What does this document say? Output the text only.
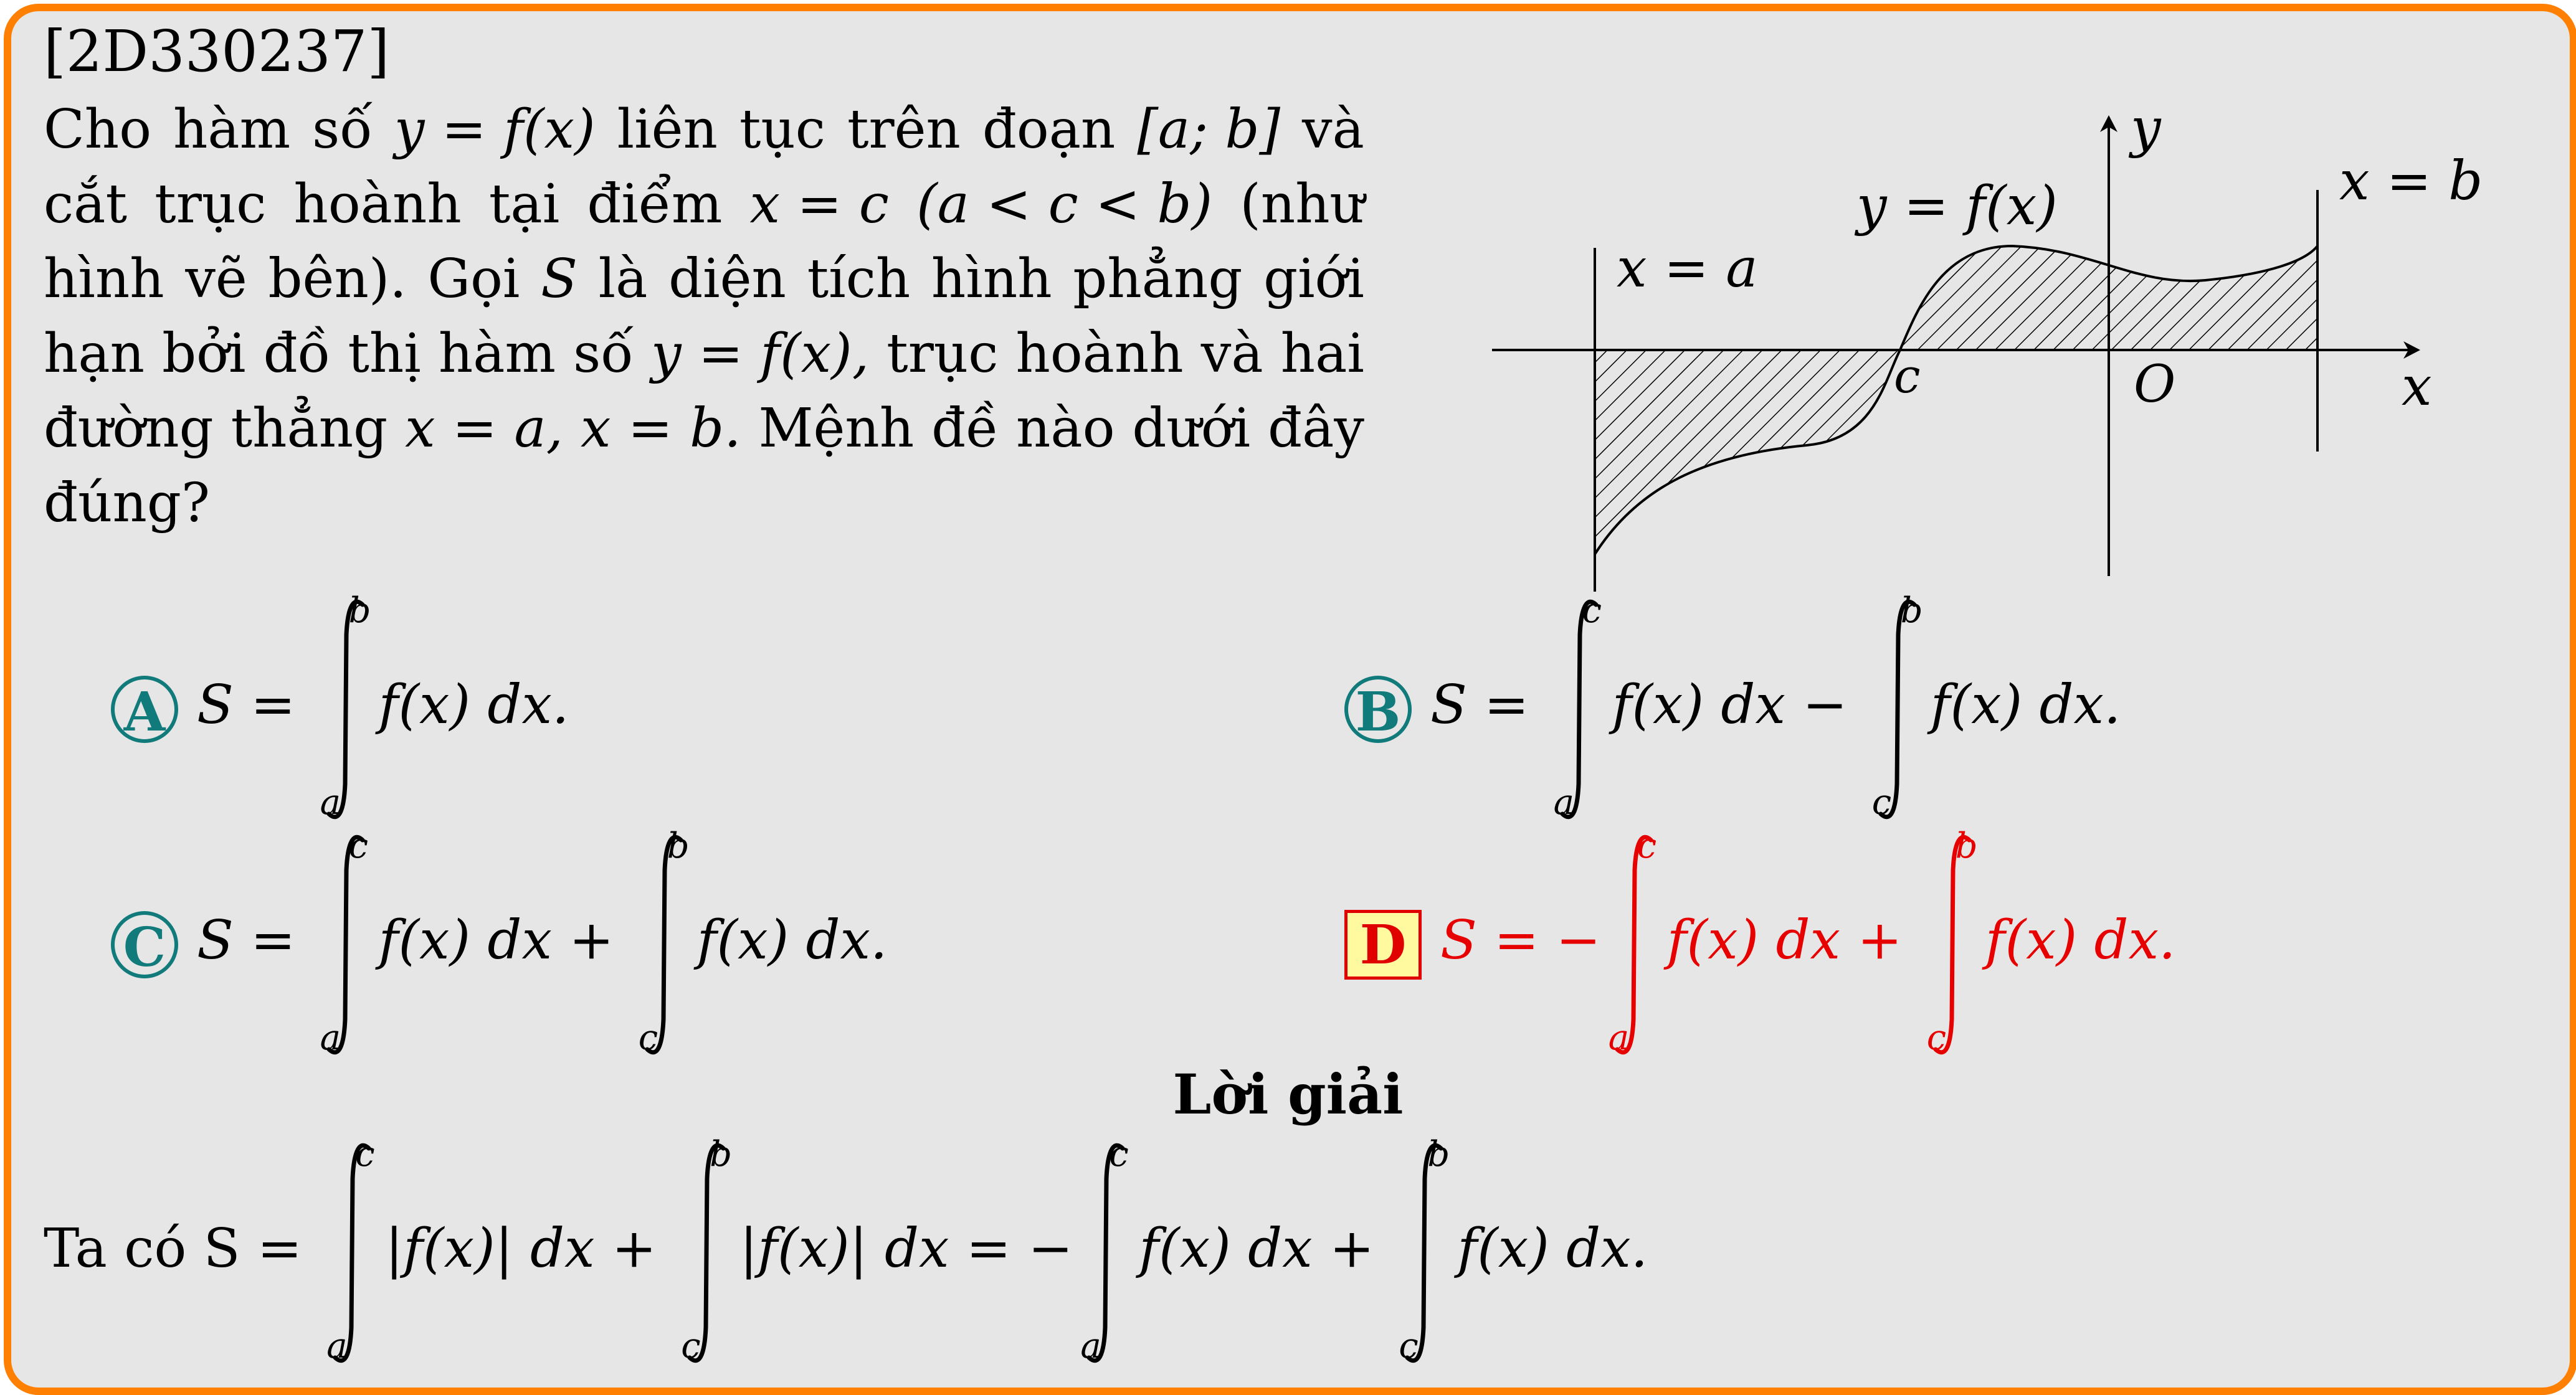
[2D330237]
Cho hàm số y = f(x) liên tục trên đoạn [a; b] và
cắt trục hoành tại điểm x = c (a < c < b) (như
hình vẽ bên). Gọi S là diện tích hình phẳng giới
hạn bởi đồ thị hàm số y = f(x), trục hoành và hai
đường thẳng x = a, x = b. Mệnh đề nào dưới đây
đúng?
y = f(x)
x = a
x = b
c	O	x
y
A S =
b
a
f(x) dx.	B S =
c
a
f(x) dx −
b
c
f(x) dx.
C S =
c
a
f(x) dx +
b
c
f(x) dx.	D S = −
c
a
f(x) dx +
b
c
f(x) dx.
Lời giải
Ta có S =
c
a
|f(x)| dx +
b
c
|f(x)| dx = −
c
a
f(x) dx +
b
c
f(x) dx.
